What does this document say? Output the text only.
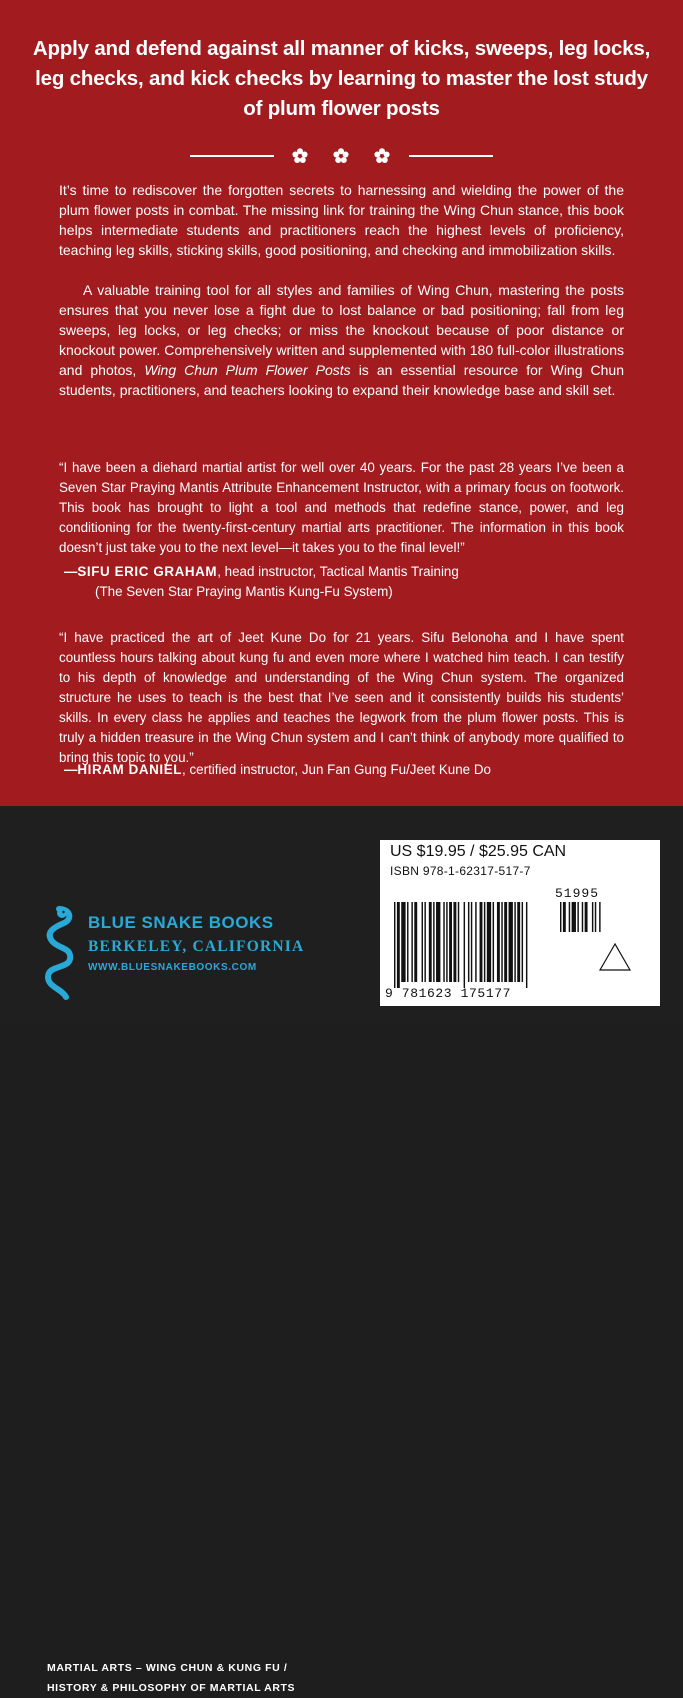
Apply and defend against all manner of kicks, sweeps, leg locks, leg checks, and kick checks by learning to master the lost study of plum flower posts

It’s time to rediscover the forgotten secrets to harnessing and wielding the power of the plum flower posts in combat. The missing link for training the Wing Chun stance, this book helps intermediate students and practitioners reach the highest levels of proficiency, teaching leg skills, sticking skills, good positioning, and checking and immobilization skills.

A valuable training tool for all styles and families of Wing Chun, mastering the posts ensures that you never lose a fight due to lost balance or bad positioning; fall from leg sweeps, leg locks, or leg checks; or miss the knockout because of poor distance or knockout power. Comprehensively written and supplemented with 180 full-color illustrations and photos, Wing Chun Plum Flower Posts is an essential resource for Wing Chun students, practitioners, and teachers looking to expand their knowledge base and skill set.

“I have been a diehard martial artist for well over 40 years. For the past 28 years I’ve been a Seven Star Praying Mantis Attribute Enhancement Instructor, with a primary focus on footwork. This book has brought to light a tool and methods that redefine stance, power, and leg conditioning for the twenty-first-century martial arts practitioner. The information in this book doesn’t just take you to the next level—it takes you to the final level!”

—SIFU ERIC GRAHAM, head instructor, Tactical Mantis Training
(The Seven Star Praying Mantis Kung-Fu System)

“I have practiced the art of Jeet Kune Do for 21 years. Sifu Belonoha and I have spent countless hours talking about kung fu and even more where I watched him teach. I can testify to his depth of knowledge and understanding of the Wing Chun system. The organized structure he uses to teach is the best that I’ve seen and it consistently builds his students’ skills. In every class he applies and teaches the legwork from the plum flower posts. This is truly a hidden treasure in the Wing Chun system and I can’t think of anybody more qualified to bring this topic to you.”

—HIRAM DANIEL, certified instructor, Jun Fan Gung Fu/Jeet Kune Do
MARTIAL ARTS – WING CHUN & KUNG FU /
HISTORY & PHILOSOPHY OF MARTIAL ARTS
BLUE SNAKE BOOKS
BERKELEY, CALIFORNIA
WWW.BLUESNAKEBOOKS.COM
US $19.95 / $25.95 CAN
ISBN 978-1-62317-517-7
51995
9 781623 175177
